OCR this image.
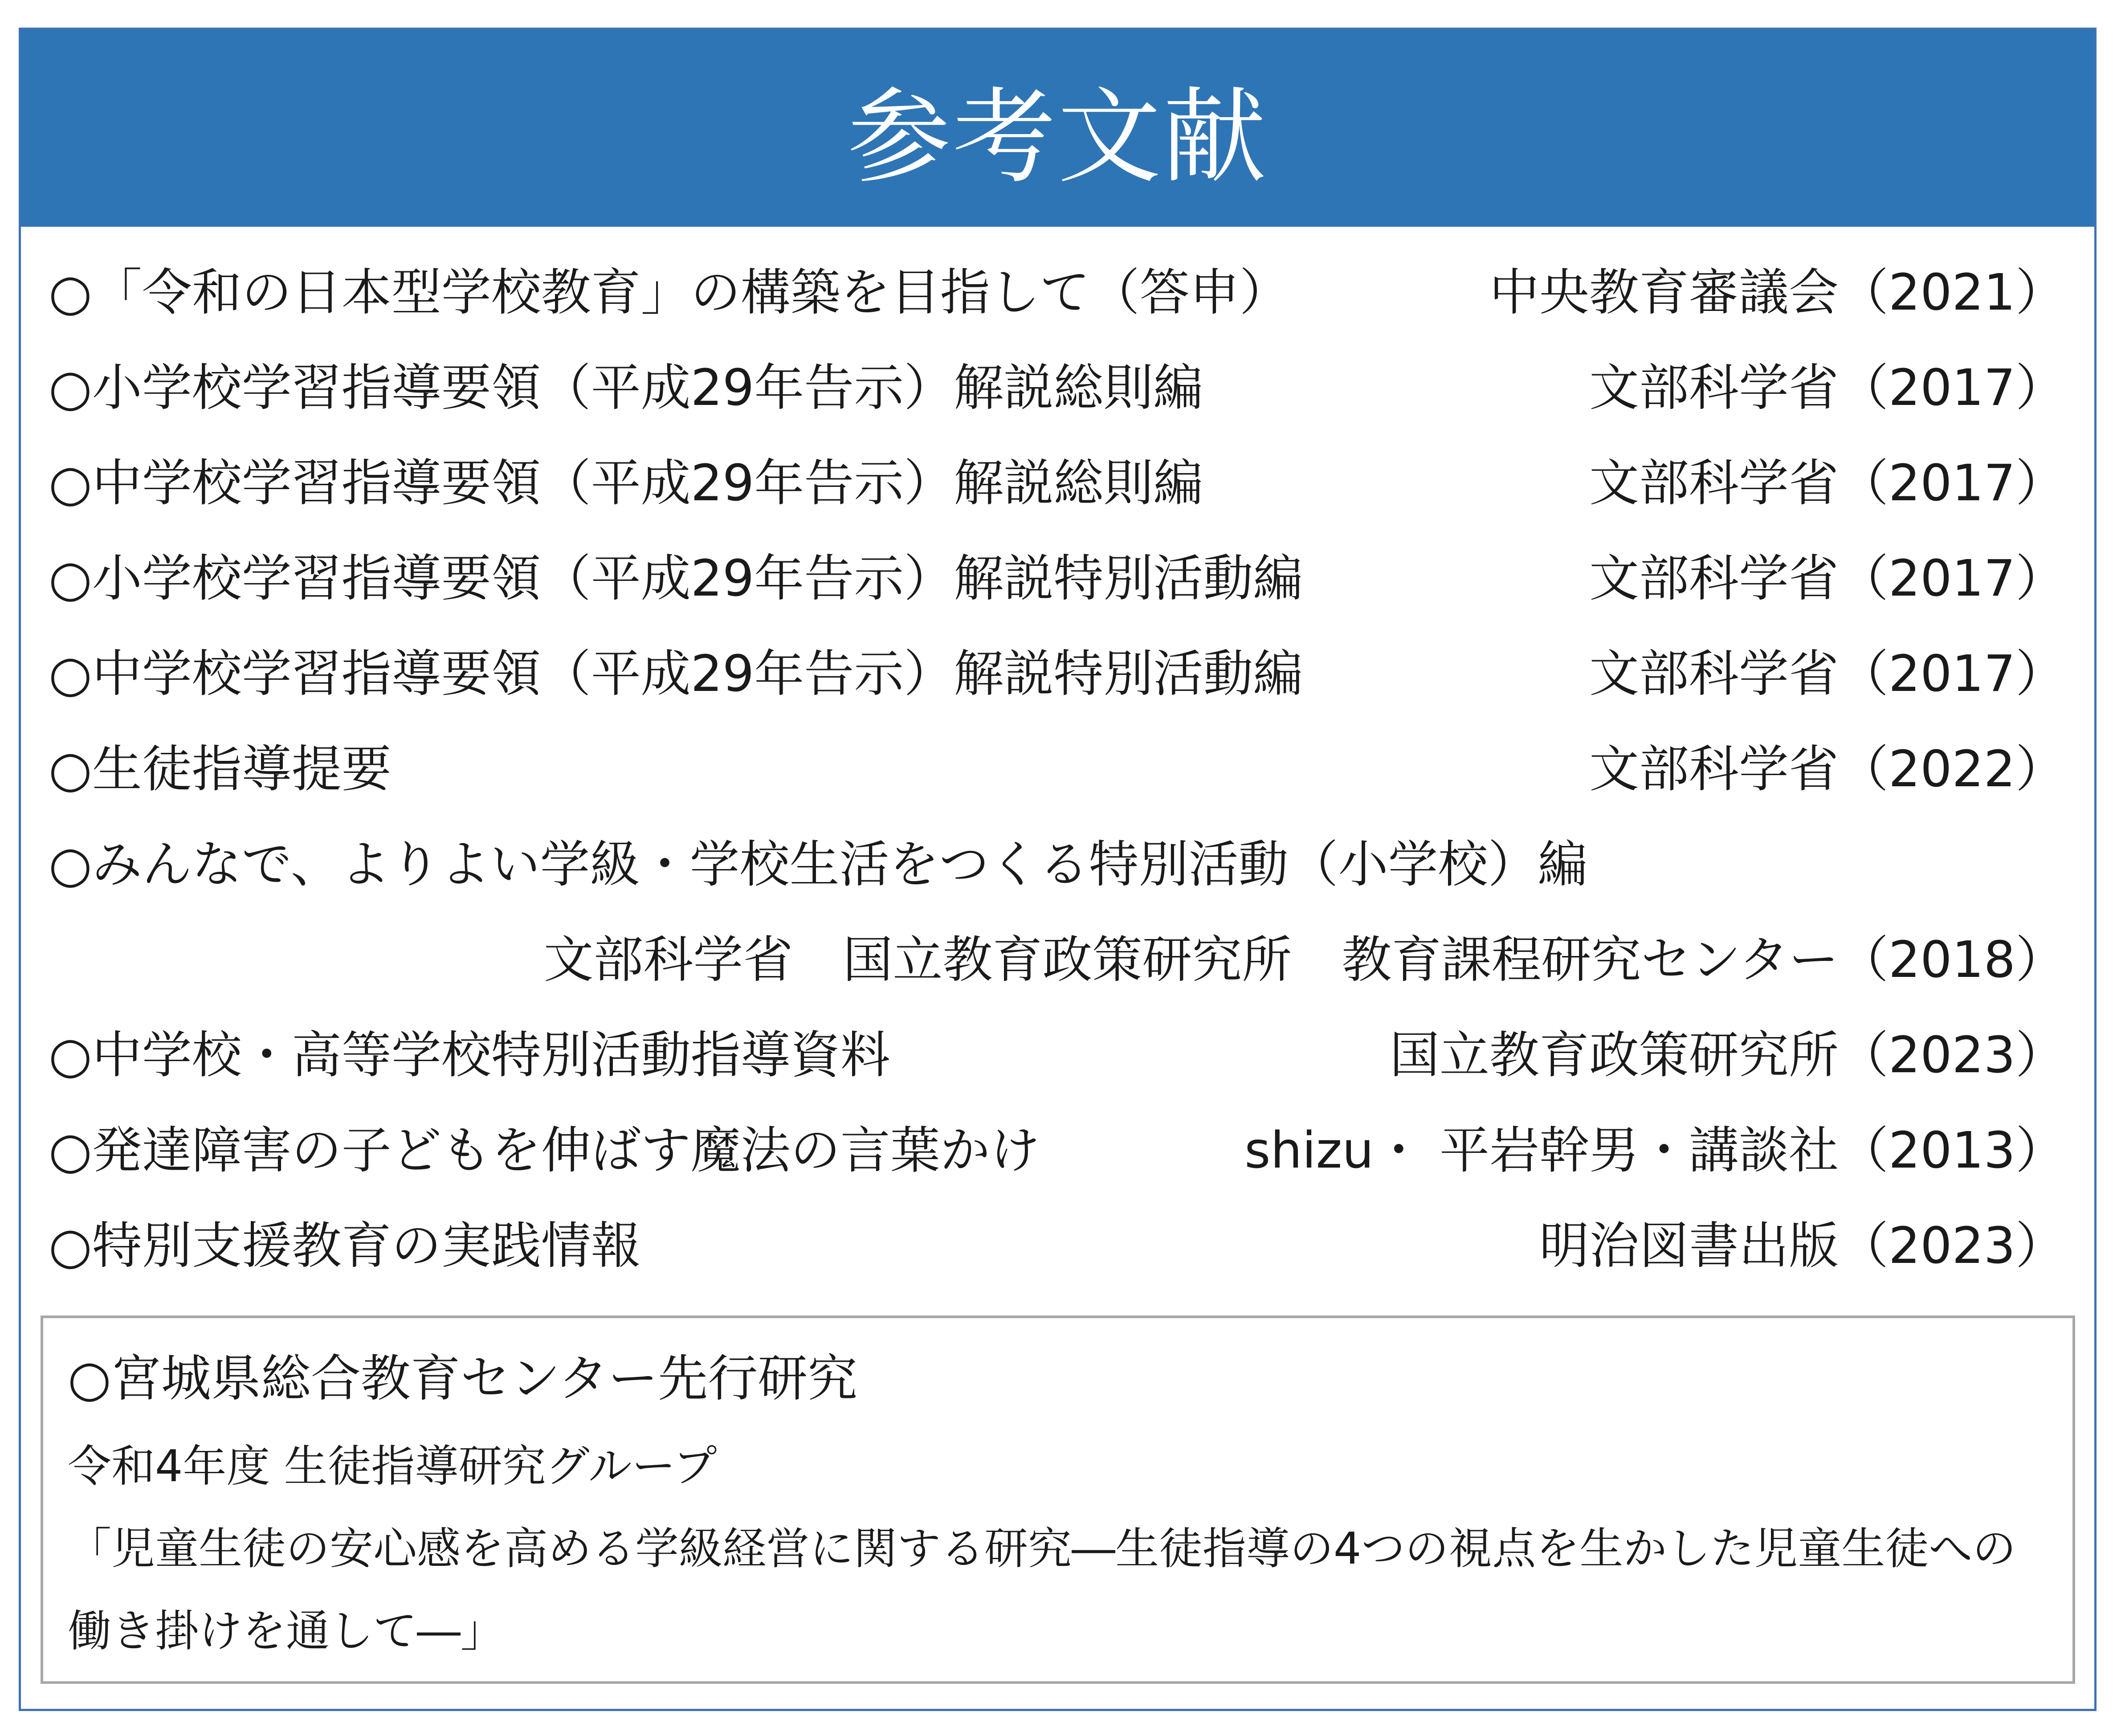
参考文献
○「令和の日本型学校教育」の構築を目指して（答申）	中央教育審議会（2021）
○小学校学習指導要領（平成29年告示）解説総則編	文部科学省（2017）
○中学校学習指導要領（平成29年告示）解説総則編	文部科学省（2017）
○小学校学習指導要領（平成29年告示）解説特別活動編	文部科学省（2017）
○中学校学習指導要領（平成29年告示）解説特別活動編	文部科学省（2017）
○生徒指導提要	文部科学省（2022）
○みんなで、よりよい学級・学校生活をつくる特別活動（小学校）編
文部科学省　国立教育政策研究所　教育課程研究センター（2018）
○中学校・高等学校特別活動指導資料	国立教育政策研究所（2023）
○発達障害の子どもを伸ばす魔法の言葉かけ	shizu・ 平岩幹男・講談社（2013）
○特別支援教育の実践情報	明治図書出版（2023）
○宮城県総合教育センター先行研究
令和4年度 生徒指導研究グループ
「児童生徒の安心感を高める学級経営に関する研究―生徒指導の4つの視点を生かした児童生徒への
働き掛けを通して―」
